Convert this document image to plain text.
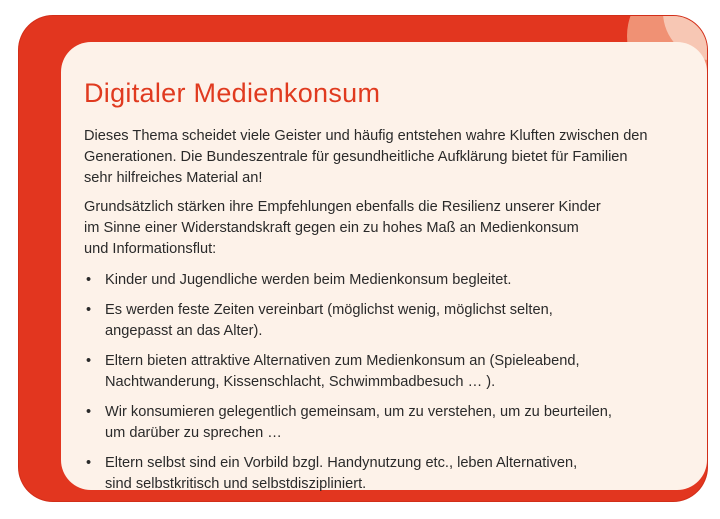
Digitaler Medienkonsum

Dieses Thema scheidet viele Geister und häufig entstehen wahre Kluften zwischen den
Generationen. Die Bundeszentrale für gesundheitliche Aufklärung bietet für Familien
sehr hilfreiches Material an!

Grundsätzlich stärken ihre Empfehlungen ebenfalls die Resilienz unserer Kinder
im Sinne einer Widerstandskraft gegen ein zu hohes Maß an Medienkonsum
und Informationsflut:

• Kinder und Jugendliche werden beim Medienkonsum begleitet.
• Es werden feste Zeiten vereinbart (möglichst wenig, möglichst selten,
angepasst an das Alter).
• Eltern bieten attraktive Alternativen zum Medienkonsum an (Spieleabend,
Nachtwanderung, Kissenschlacht, Schwimmbadbesuch … ).
• Wir konsumieren gelegentlich gemeinsam, um zu verstehen, um zu beurteilen,
um darüber zu sprechen …
• Eltern selbst sind ein Vorbild bzgl. Handynutzung etc., leben Alternativen,
sind selbstkritisch und selbstdiszipliniert.
